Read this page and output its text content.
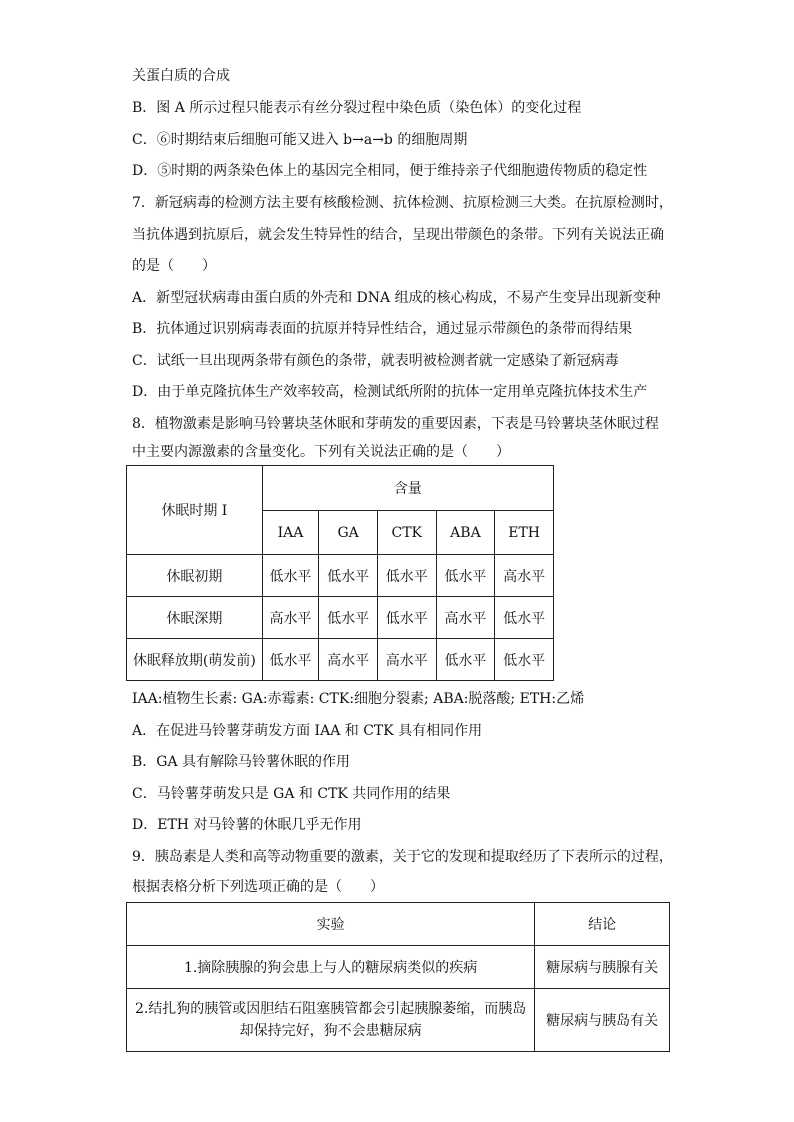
关蛋白质的合成
B．图 A 所示过程只能表示有丝分裂过程中染色质（染色体）的变化过程
C．⑥时期结束后细胞可能又进入 b→a→b 的细胞周期
D．⑤时期的两条染色体上的基因完全相同，便于维持亲子代细胞遗传物质的稳定性
7．新冠病毒的检测方法主要有核酸检测、抗体检测、抗原检测三大类。在抗原检测时，
当抗体遇到抗原后，就会发生特异性的结合，呈现出带颜色的条带。下列有关说法正确
的是（　　）
A．新型冠状病毒由蛋白质的外壳和 DNA 组成的核心构成，不易产生变异出现新变种
B．抗体通过识别病毒表面的抗原并特异性结合，通过显示带颜色的条带而得结果
C．试纸一旦出现两条带有颜色的条带，就表明被检测者就一定感染了新冠病毒
D．由于单克隆抗体生产效率较高，检测试纸所附的抗体一定用单克隆抗体技术生产
8．植物激素是影响马铃薯块茎休眠和芽萌发的重要因素，下表是马铃薯块茎休眠过程
中主要内源激素的含量变化。下列有关说法正确的是（　　）
休眠时期 I	含量				
	IAA	GA	CTK	ABA	ETH
休眠初期	低水平	低水平	低水平	低水平	高水平
休眠深期	高水平	低水平	低水平	高水平	低水平
休眠释放期(萌发前)	低水平	高水平	高水平	低水平	低水平
IAA:植物生长素: GA:赤霉素: CTK:细胞分裂素; ABA:脱落酸; ETH:乙烯
A．在促进马铃薯芽萌发方面 IAA 和 CTK 具有相同作用
B．GA 具有解除马铃薯休眠的作用
C．马铃薯芽萌发只是 GA 和 CTK 共同作用的结果
D．ETH 对马铃薯的休眠几乎无作用
9．胰岛素是人类和高等动物重要的激素，关于它的发现和提取经历了下表所示的过程，
根据表格分析下列选项正确的是（　　）
实验	结论
1.摘除胰腺的狗会患上与人的糖尿病类似的疾病	糖尿病与胰腺有关
2.结扎狗的胰管或因胆结石阻塞胰管都会引起胰腺萎缩，而胰岛却保持完好，狗不会患糖尿病	糖尿病与胰岛有关
